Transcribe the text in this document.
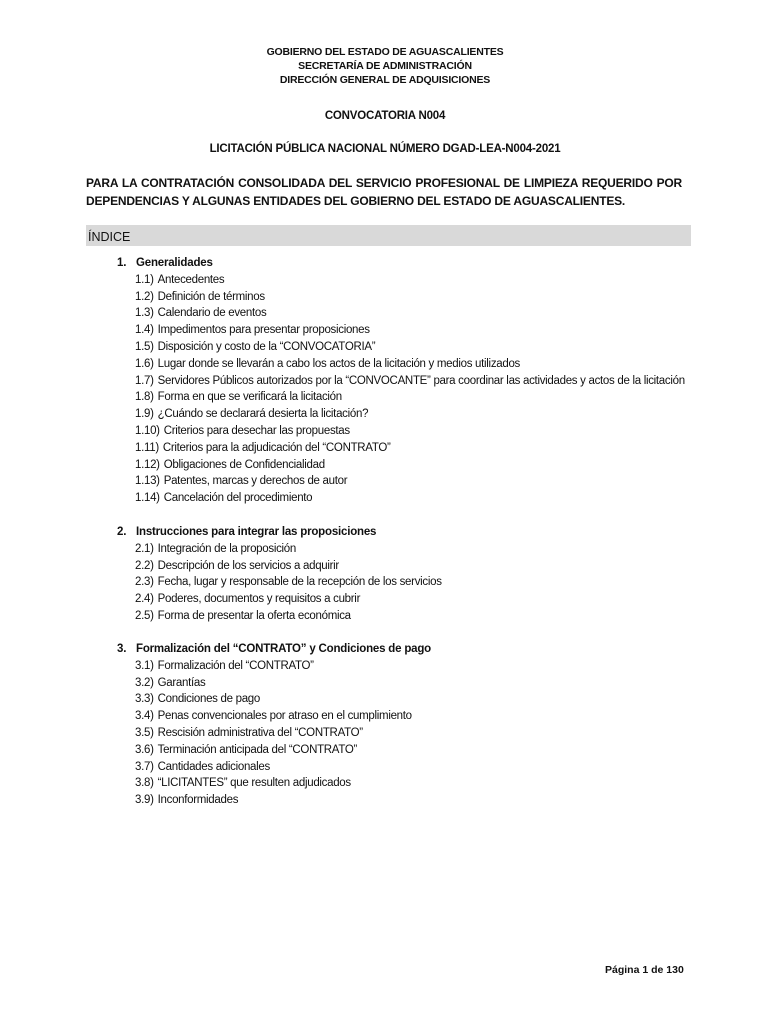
GOBIERNO DEL ESTADO DE AGUASCALIENTES
SECRETARÍA DE ADMINISTRACIÓN
DIRECCIÓN GENERAL DE ADQUISICIONES
CONVOCATORIA N004
LICITACIÓN PÚBLICA NACIONAL NÚMERO DGAD-LEA-N004-2021
PARA LA CONTRATACIÓN CONSOLIDADA DEL SERVICIO PROFESIONAL DE LIMPIEZA REQUERIDO POR
DEPENDENCIAS Y ALGUNAS ENTIDADES DEL GOBIERNO DEL ESTADO DE AGUASCALIENTES.
ÍNDICE
1. Generalidades
1.1) Antecedentes
1.2) Definición de términos
1.3) Calendario de eventos
1.4) Impedimentos para presentar proposiciones
1.5) Disposición y costo de la “CONVOCATORIA”
1.6) Lugar donde se llevarán a cabo los actos de la licitación y medios utilizados
1.7) Servidores Públicos autorizados por la “CONVOCANTE” para coordinar las actividades y actos de la licitación
1.8) Forma en que se verificará la licitación
1.9) ¿Cuándo se declarará desierta la licitación?
1.10) Criterios para desechar las propuestas
1.11) Criterios para la adjudicación del “CONTRATO”
1.12) Obligaciones de Confidencialidad
1.13) Patentes, marcas y derechos de autor
1.14) Cancelación del procedimiento
2. Instrucciones para integrar las proposiciones
2.1) Integración de la proposición
2.2) Descripción de los servicios a adquirir
2.3) Fecha, lugar y responsable de la recepción de los servicios
2.4) Poderes, documentos y requisitos a cubrir
2.5) Forma de presentar la oferta económica
3. Formalización del “CONTRATO” y Condiciones de pago
3.1) Formalización del “CONTRATO”
3.2) Garantías
3.3) Condiciones de pago
3.4) Penas convencionales por atraso en el cumplimiento
3.5) Rescisión administrativa del “CONTRATO”
3.6) Terminación anticipada del “CONTRATO”
3.7) Cantidades adicionales
3.8) “LICITANTES” que resulten adjudicados
3.9) Inconformidades
Página 1 de 130
